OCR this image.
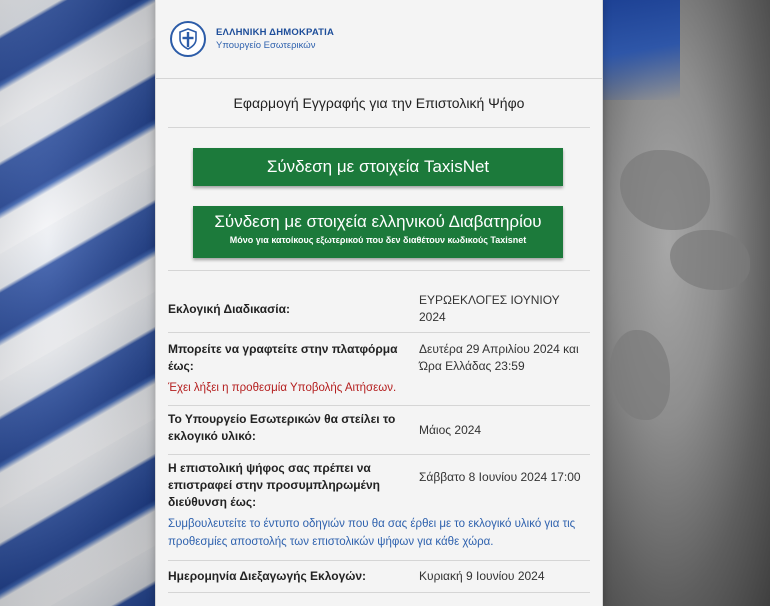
ΕΛΛΗΝΙΚΗ ΔΗΜΟΚΡΑΤΙΑ
Υπουργείο Εσωτερικών
Εφαρμογή Εγγραφής για την Επιστολική Ψήφο
Σύνδεση με στοιχεία TaxisNet
Σύνδεση με στοιχεία ελληνικού Διαβατηρίου
Μόνο για κατοίκους εξωτερικού που δεν διαθέτουν κωδικούς Taxisnet
Εκλογική Διαδικασία:
ΕΥΡΩΕΚΛΟΓΕΣ ΙΟΥΝΙΟΥ 2024
Μπορείτε να γραφτείτε στην πλατφόρμα έως:
Δευτέρα 29 Απριλίου 2024 και Ώρα Ελλάδας 23:59
Έχει λήξει η προθεσμία Υποβολής Αιτήσεων.
Το Υπουργείο Εσωτερικών θα στείλει το εκλογικό υλικό:	Μάιος 2024
Η επιστολική ψήφος σας πρέπει να επιστραφεί στην προσυμπληρωμένη διεύθυνση έως:
Σάββατο 8 Ιουνίου 2024 17:00
Συμβουλευτείτε το έντυπο οδηγιών που θα σας έρθει με το εκλογικό υλικό για τις προθεσμίες αποστολής των επιστολικών ψήφων για κάθε χώρα.
Ημερομηνία Διεξαγωγής Εκλογών:	Κυριακή 9 Ιουνίου 2024
